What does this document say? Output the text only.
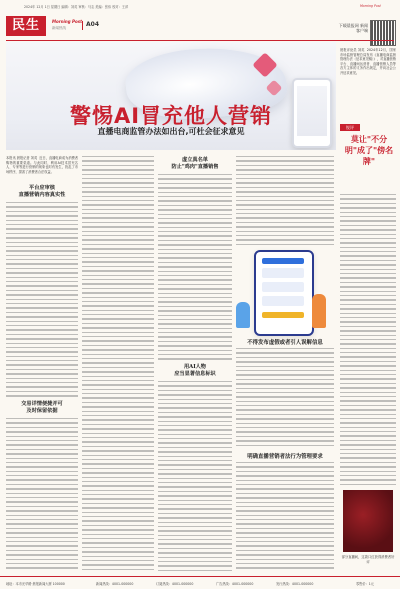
2024年 12月 1日 星期日 编辑：刘英 审核：马志 美编：张伟 校对：王萍	Morning Post
民生	Morning Post
新闻热线	A04	下载晨报网 新闻客户端
警惕AI冒充他人营销
直播电商监管办法如出台,可杜会征求意见
本报讯 晨报记者 刘英  近日，直播电商成为消费者购物的重要渠道。与此同时，利用AI技术冒充名人、专家等进行营销的现象也时有发生，扰乱了市场秩序，损害了消费者合法权益。
平台应审核
直播营销内容真实性
交易详情便捷并可
及时保留依据
虚立真名单
防止"鸡肉"直播销售
用AI人物
应当显著信息标识
不得发布虚假或者引人误解信息
明确直播营销者法行为管理要求
晨报评论员 刘英  2024年12月，国家市场监督管理总局发布《直播电商监督管理办法（征求意见稿）》，对直播营销平台、直播间运营者、直播营销人员等各方主体的义务作出规定，并向社会公开征求意见。
锐评
莫让"不分明"成了"傍名牌"
部分直播间，这款口红获得消费者好评
地址：本市光华路·晨报新闻大厦 100000	新闻热线：4001-000000	订阅热线：4001-000000	广告热线：4001-000000	发行热线：4001-000000	零售价：1元
